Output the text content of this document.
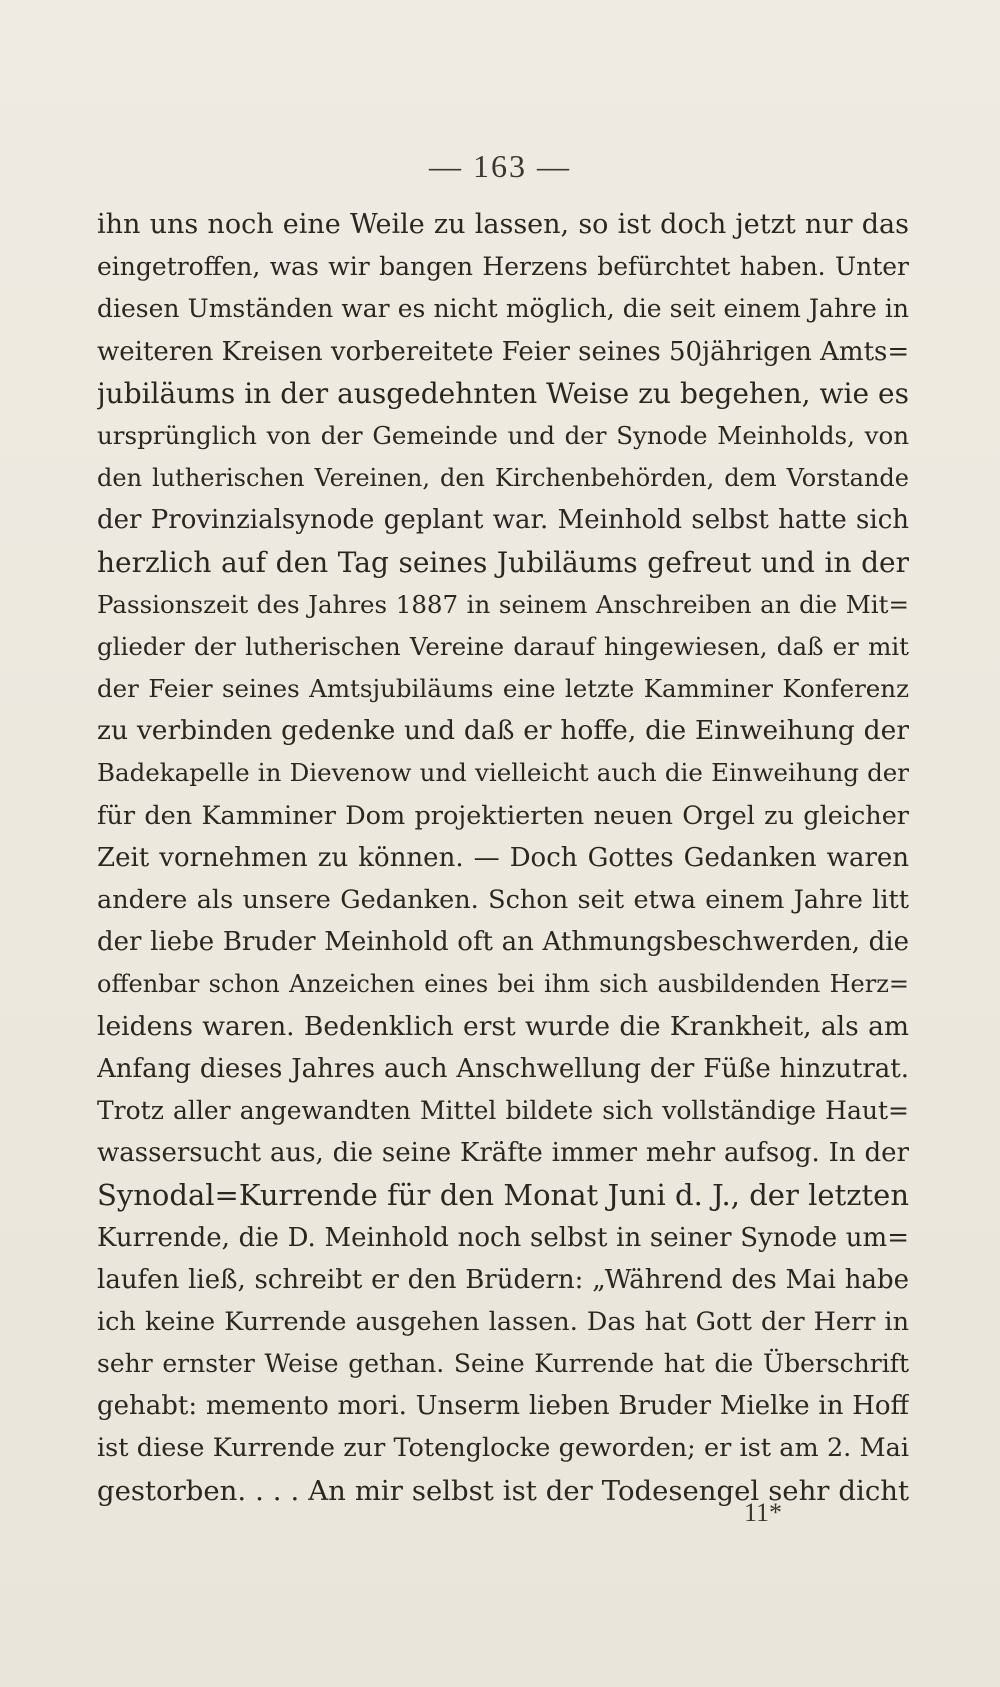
— 163 —
ihn uns noch eine Weile zu lassen, so ist doch jetzt nur das
eingetroffen, was wir bangen Herzens befürchtet haben. Unter
diesen Umständen war es nicht möglich, die seit einem Jahre in
weiteren Kreisen vorbereitete Feier seines 50jährigen Amts=
jubiläums in der ausgedehnten Weise zu begehen, wie es
ursprünglich von der Gemeinde und der Synode Meinholds, von
den lutherischen Vereinen, den Kirchenbehörden, dem Vorstande
der Provinzialsynode geplant war. Meinhold selbst hatte sich
herzlich auf den Tag seines Jubiläums gefreut und in der
Passionszeit des Jahres 1887 in seinem Anschreiben an die Mit=
glieder der lutherischen Vereine darauf hingewiesen, daß er mit
der Feier seines Amtsjubiläums eine letzte Kamminer Konferenz
zu verbinden gedenke und daß er hoffe, die Einweihung der
Badekapelle in Dievenow und vielleicht auch die Einweihung der
für den Kamminer Dom projektierten neuen Orgel zu gleicher
Zeit vornehmen zu können. — Doch Gottes Gedanken waren
andere als unsere Gedanken. Schon seit etwa einem Jahre litt
der liebe Bruder Meinhold oft an Athmungsbeschwerden, die
offenbar schon Anzeichen eines bei ihm sich ausbildenden Herz=
leidens waren. Bedenklich erst wurde die Krankheit, als am
Anfang dieses Jahres auch Anschwellung der Füße hinzutrat.
Trotz aller angewandten Mittel bildete sich vollständige Haut=
wassersucht aus, die seine Kräfte immer mehr aufsog. In der
Synodal=Kurrende für den Monat Juni d. J., der letzten
Kurrende, die D. Meinhold noch selbst in seiner Synode um=
laufen ließ, schreibt er den Brüdern: „Während des Mai habe
ich keine Kurrende ausgehen lassen. Das hat Gott der Herr in
sehr ernster Weise gethan. Seine Kurrende hat die Überschrift
gehabt: memento mori. Unserm lieben Bruder Mielke in Hoff
ist diese Kurrende zur Totenglocke geworden; er ist am 2. Mai
gestorben. . . . An mir selbst ist der Todesengel sehr dicht
11*
